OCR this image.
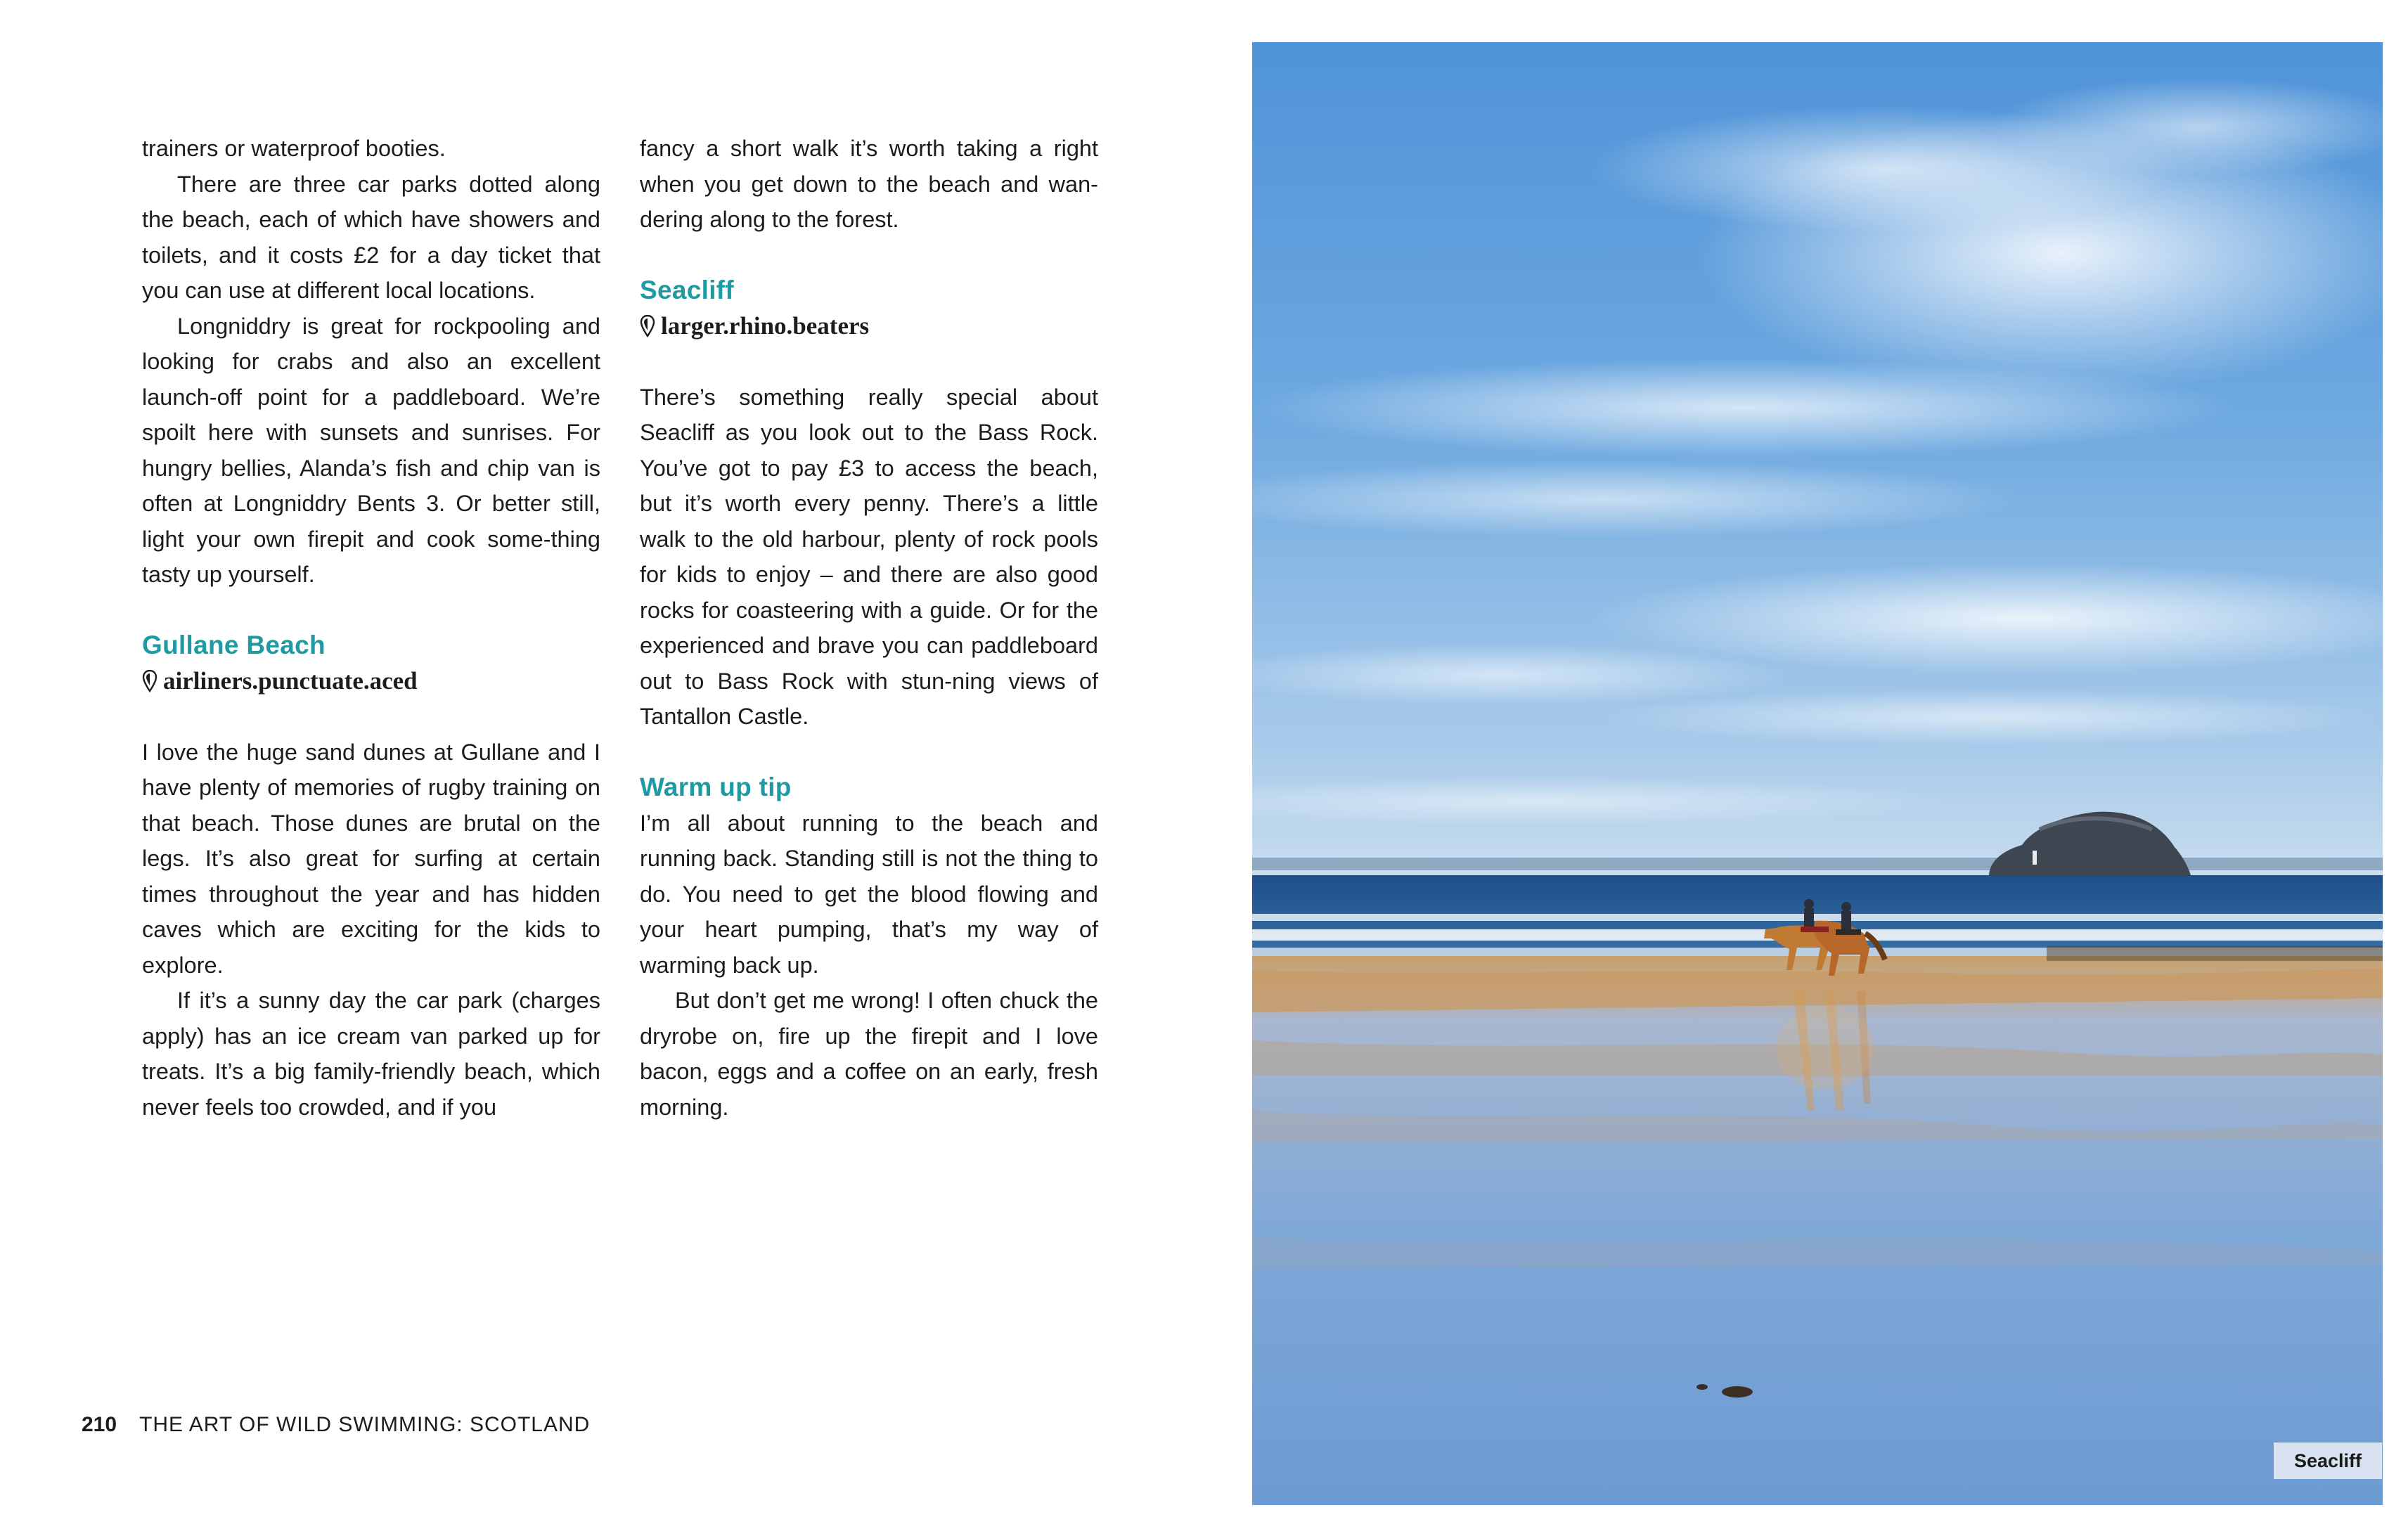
trainers or waterproof booties.

There are three car parks dotted along the beach, each of which have showers and toilets, and it costs £2 for a day ticket that you can use at different local locations.

Longniddry is great for rockpooling and looking for crabs and also an excellent launch-off point for a paddleboard. We’re spoilt here with sunsets and sunrises. For hungry bellies, Alanda’s fish and chip van is often at Longniddry Bents 3. Or better still, light your own firepit and cook some-thing tasty up yourself.

Gullane Beach
airliners.punctuate.aced

I love the huge sand dunes at Gullane and I have plenty of memories of rugby training on that beach. Those dunes are brutal on the legs. It’s also great for surfing at certain times throughout the year and has hidden caves which are exciting for the kids to explore.

If it’s a sunny day the car park (charges apply) has an ice cream van parked up for treats. It’s a big family-friendly beach, which never feels too crowded, and if you

fancy a short walk it’s worth taking a right when you get down to the beach and wan-dering along to the forest.

Seacliff
larger.rhino.beaters

There’s something really special about Seacliff as you look out to the Bass Rock. You’ve got to pay £3 to access the beach, but it’s worth every penny. There’s a little walk to the old harbour, plenty of rock pools for kids to enjoy – and there are also good rocks for coasteering with a guide. Or for the experienced and brave you can paddleboard out to Bass Rock with stun-ning views of Tantallon Castle.

Warm up tip

I’m all about running to the beach and running back. Standing still is not the thing to do. You need to get the blood flowing and your heart pumping, that’s my way of warming back up.

But don’t get me wrong! I often chuck the dryrobe on, fire up the firepit and I love bacon, eggs and a coffee on an early, fresh morning.

210 THE ART OF WILD SWIMMING: SCOTLAND
Seacliff
